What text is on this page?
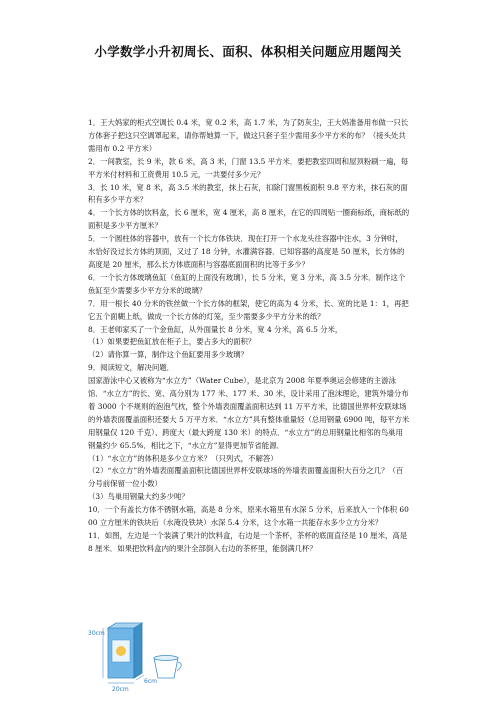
小学数学小升初周长、面积、体积相关问题应用题闯关

1．王大妈家的柜式空调长 0.4 米，宽 0.2 米，高 1.7 米，为了防灰尘，王大妈准备用布做一只长方体套子把这只空调罩起来，请你帮她算一下，做这只套子至少需用多少平方米的布？（接头处共需用布 0.2 平方米）

2．一间教室，长 9 米，款 6 米，高 3 米，门窗 13.5 平方米．要把教室四周和屋顶粉刷一遍，每平方米付材料和工资费用 10.5 元，一共要付多少元？

3．长 10 米，宽 8 米，高 3.5 米的教室，抹上石灰，扣除门窗黑板面积 9.8 平方米，抹石灰的面积有多少平方米？

4．一个长方体的饮料盒，长 6 厘米，宽 4 厘米，高 8 厘米，在它的四周贴一圈商标纸，商标纸的面积是多少平方厘米？

5．一个圆柱体的容器中，放有一个长方体铁块．现在打开一个水龙头往容器中注水，3 分钟时，水恰好没过长方体的顶面，又过了 18 分钟，水灌满容器．已知容器的高度是 50 厘米，长方体的高度是 20 厘米，那么长方体底面积与容器底面面积的比等于多少？

6．一个长方体玻璃鱼缸（鱼缸的上面没有玻璃），长 5 分米，宽 3 分米，高 3.5 分米．制作这个鱼缸至少需要多少平方分米的玻璃？

7．用一根长 40 分米的铁丝做一个长方体的框架，使它的高为 4 分米，长、宽的比是 1：1，再把它五个面糊上纸，做成一个长方体的灯笼，至少需要多少平方分米的纸？

8．王老师家买了一个金鱼缸，从外面量长 8 分米，宽 4 分米，高 6.5 分米，

（1）如果要把鱼缸放在柜子上，要占多大的面积？

（2）请你算一算，制作这个鱼缸要用多少玻璃？

9．阅读短文，解决问题．

国家游泳中心又被称为“水立方”（Water Cube），是北京为 2008 年夏季奥运会修建的主游泳馆．“水立方”的长、宽、高分别为 177 米、177 米、30 米，设计采用了泡沫理论，建筑外墙分布着 3000 个不规则的泡泡气枕，整个外墙表面覆盖面积达到 11 万平方米，比德国世界杯安联球场的外墙表面覆盖面积还要大 5 万平方米．“水立方”具有整体重量轻（总用钢量 6900 吨，每平方米用钢量仅 120 千克）、跨度大（最大跨度 130 米）的特点．“水立方”的总用钢量比相邻的鸟巢用钢量约少 65.5%．相比之下，“水立方”显得更加节省能源．

（1）“水立方”的体积是多少立方米？（只列式，不解答）

（2）“水立方”的外墙表面覆盖面积比德国世界杯安联球场的外墙表面覆盖面积大百分之几？（百分号前保留一位小数）

（3）鸟巢用钢量大约多少吨？

10．一个有盖长方体不锈钢水箱，高是 8 分米，原来水箱里有水深 5 分米，后来放入一个体积 6000 立方厘米的铁块后（水淹没铁块）水深 5.4 分米，这个水箱一共能存水多少立方分米？

11．如图，左边是一个装满了果汁的饮料盒，右边是一个茶杯，茶杯的底面直径是 10 厘米，高是 8 厘米．如果把饮料盒内的果汁全部倒入右边的茶杯里，能倒满几杯？

30cm
20cm
6cm
